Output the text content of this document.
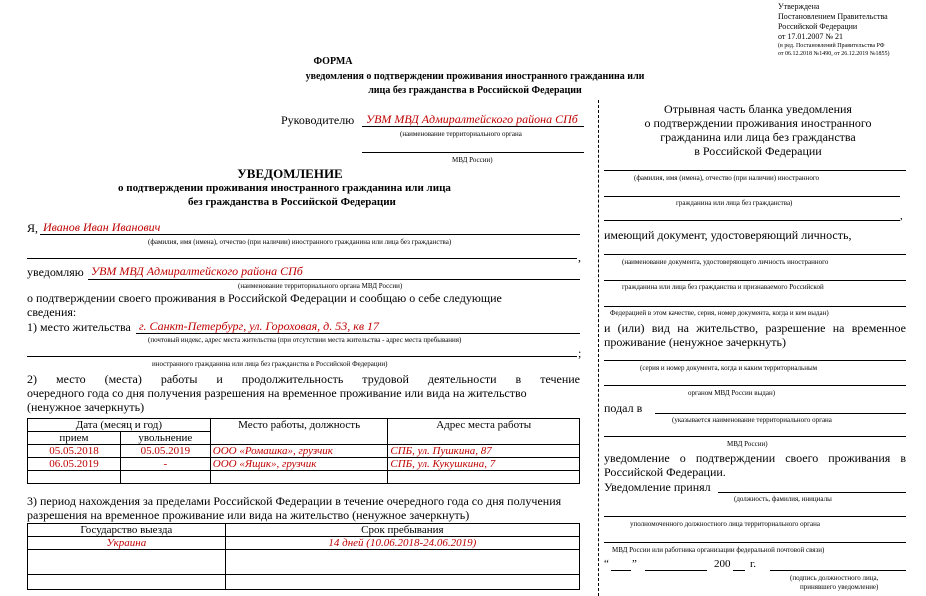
Утверждена
Постановлением Правительства
Российской Федерации
от 17.01.2007 № 21
(в ред. Постановлений Правительства РФ
от 06.12.2018 №1490, от 26.12.2019 №1855)
ФОРМА
уведомления о подтверждении проживания иностранного гражданина или
лица без гражданства в Российской Федерации
Руководителю УВМ МВД Адмиралтейского района СПб
(наименование территориального органа
МВД России)
УВЕДОМЛЕНИЕ
о подтверждении проживания иностранного гражданина или лица
без гражданства в Российской Федерации
Я, Иванов Иван Иванович
(фамилия, имя (имена), отчество (при наличии) иностранного гражданина или лица без гражданства)
,
уведомляю УВМ МВД Адмиралтейского района СПб
(наименование территориального органа МВД России)
о подтверждении своего проживания в Российской Федерации и сообщаю о себе следующие
сведения:
1) место жительства г. Санкт-Петербург, ул. Гороховая, д. 53, кв 17
(почтовый индекс, адрес места жительства (при отсутствии места жительства - адрес места пребывания)
;
иностранного гражданина или лица без гражданства в Российской Федерации)
2) место (места) работы и продолжительность трудовой деятельности в течение
очередного года со дня получения разрешения на временное проживание или вида на жительство
(ненужное зачеркнуть)
Дата (месяц и год)		Место работы, должность	Адрес места работы
прием	увольнение		
05.05.2018	05.05.2019	ООО «Ромашка», грузчик	СПБ, ул. Пушкина, 87
06.05.2019	-	ООО «Ящик», грузчик	СПБ, ул. Кукушкина, 7

3) период нахождения за пределами Российской Федерации в течение очередного года со дня получения
разрешения на временное проживание или вида на жительство (ненужное зачеркнуть)
Государство выезда	Срок пребывания
Украина	14 дней (10.06.2018-24.06.2019)

Отрывная часть бланка уведомления
о подтверждении проживания иностранного
гражданина или лица без гражданства
в Российской Федерации
(фамилия, имя (имена), отчество (при наличии) иностранного
гражданина или лица без гражданства)
,
имеющий документ, удостоверяющий личность,
(наименование документа, удостоверяющего личность иностранного
гражданина или лица без гражданства и признаваемого Российской
Федерацией в этом качестве, серия, номер документа, когда и кем выдан)
и (или) вид на жительство, разрешение на временное
проживание (ненужное зачеркнуть)
(серия и номер документа, когда и каким территориальным
органом МВД России выдан)
подал в
(указывается наименование территориального органа
МВД России)
уведомление о подтверждении своего проживания в
Российской Федерации.
Уведомление принял
(должность, фамилия, инициалы
уполномоченного должностного лица территориального органа
МВД России или работника организации федеральной почтовой связи)
“ ”	200 г.
(подпись должностного лица,
принявшего уведомление)
